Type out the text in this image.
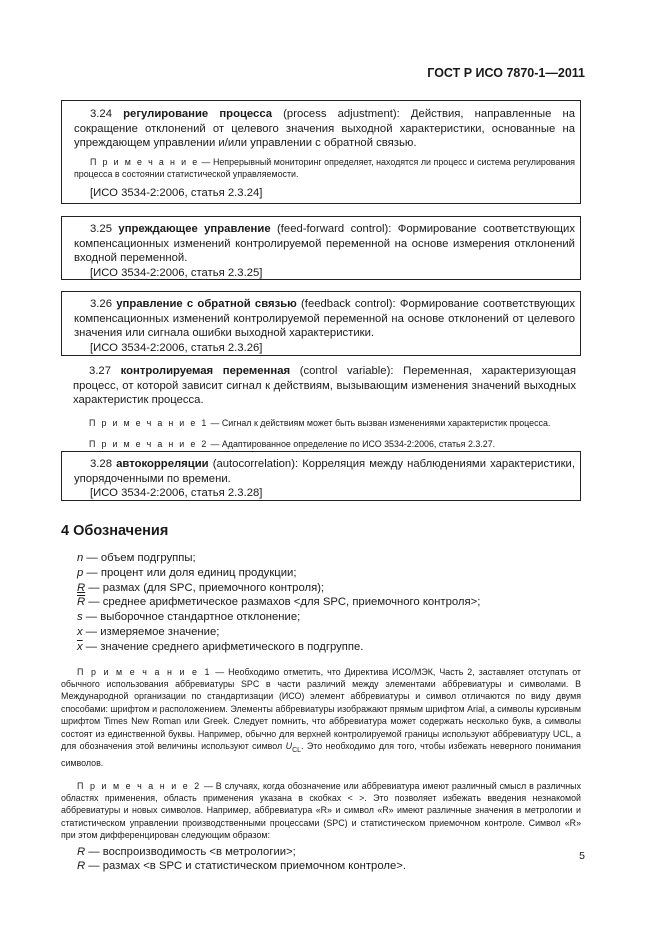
ГОСТ Р ИСО 7870-1—2011

3.24 регулирование процесса (process adjustment): Действия, направленные на сокращение отклонений от целевого значения выходной характеристики, основанные на упреждающем управлении и/или управлении с обратной связью.

П р и м е ч а н и е — Непрерывный мониторинг определяет, находятся ли процесс и система регулирования процесса в состоянии статистической управляемости.

[ИСО 3534-2:2006, статья 2.3.24]

3.25 упреждающее управление (feed-forward control): Формирование соответствующих компенсационных изменений контролируемой переменной на основе измерения отклонений входной переменной.

[ИСО 3534-2:2006, статья 2.3.25]

3.26 управление с обратной связью (feedback control): Формирование соответствующих компенсационных изменений контролируемой переменной на основе отклонений от целевого значения или сигнала ошибки выходной характеристики.

[ИСО 3534-2:2006, статья 2.3.26]

3.27 контролируемая переменная (control variable): Переменная, характеризующая процесс, от которой зависит сигнал к действиям, вызывающим изменения значений выходных характеристик процесса.

П р и м е ч а н и е 1 — Сигнал к действиям может быть вызван изменениями характеристик процесса.

П р и м е ч а н и е 2 — Адаптированное определение по ИСО 3534-2:2006, статья 2.3.27.

3.28 автокорреляции (autocorrelation): Корреляция между наблюдениями характеристики, упорядоченными по времени.

[ИСО 3534-2:2006, статья 2.3.28]

4 Обозначения

n — объем подгруппы;

p — процент или доля единиц продукции;

R — размах (для SPC, приемочного контроля);

$\overline{R}$ — среднее арифметическое размахов <для SPC, приемочного контроля>;

s — выборочное стандартное отклонение;

x — измеряемое значение;

$\overline{x}$ — значение среднего арифметического в подгруппе.

П р и м е ч а н и е 1 — Необходимо отметить, что Директива ИСО/МЭК, Часть 2, заставляет отступать от обычного использования аббревиатуры SPC в части различий между элементами аббревиатуры и символами. В Международной организации по стандартизации (ИСО) элемент аббревиатуры и символ отличаются по виду двумя способами: шрифтом и расположением. Элементы аббревиатуры изображают прямым шрифтом Arial, а символы курсивным шрифтом Times New Roman или Greek. Следует помнить, что аббревиатура может содержать несколько букв, а символы состоят из единственной буквы. Например, обычно для верхней контролируемой границы используют аббревиатуру UCL, а для обозначения этой величины используют символ $U_{CL}$. Это необходимо для того, чтобы избежать неверного понимания символов.

П р и м е ч а н и е 2 — В случаях, когда обозначение или аббревиатура имеют различный смысл в различных областях применения, область применения указана в скобках < >. Это позволяет избежать введения незнакомой аббревиатуры и новых символов. Например, аббревиатура «R» и символ «R» имеют различные значения в метрологии и статистическом управлении производственными процессами (SPC) и статистическом приемочном контроле. Символ «R» при этом дифференцирован следующим образом:

R — воспроизводимость <в метрологии>;

R — размах <в SPC и статистическом приемочном контроле>.

5
